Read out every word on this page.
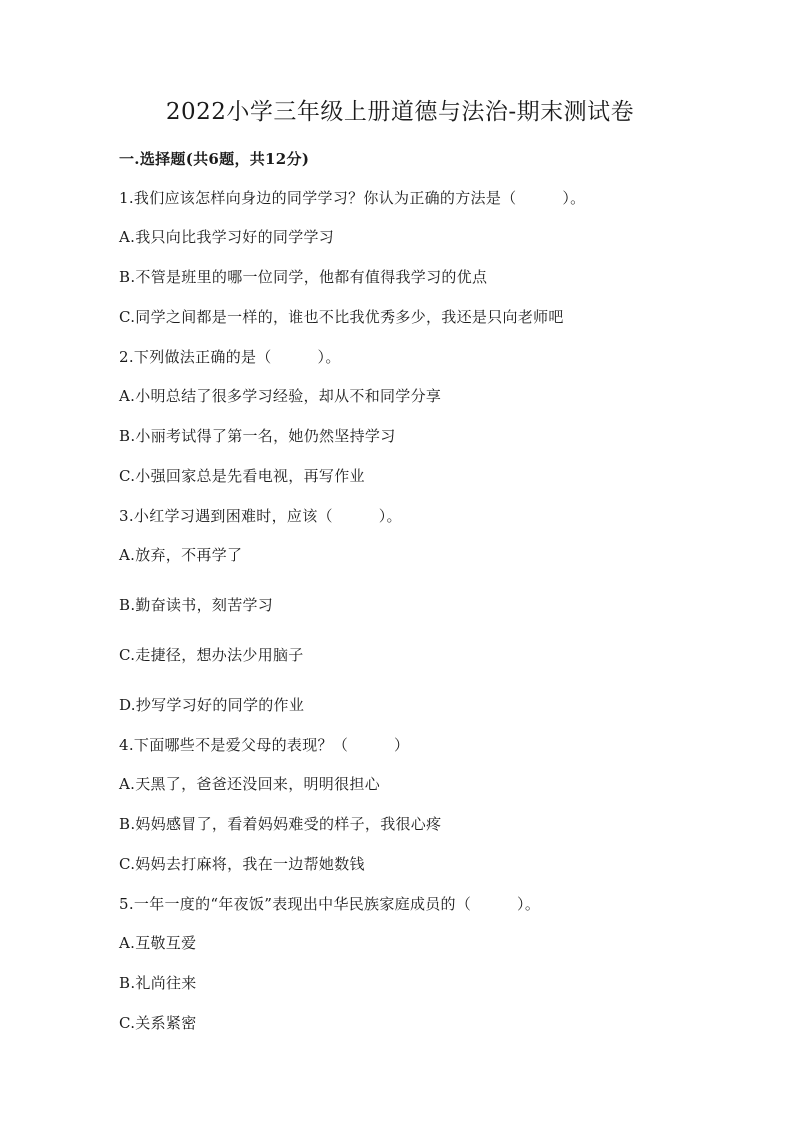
2022小学三年级上册道德与法治-期末测试卷
一.选择题(共6题，共12分)
1.我们应该怎样向身边的同学学习？你认为正确的方法是（　　　）。
A.我只向比我学习好的同学学习
B.不管是班里的哪一位同学，他都有值得我学习的优点
C.同学之间都是一样的，谁也不比我优秀多少，我还是只向老师吧
2.下列做法正确的是（　　　）。
A.小明总结了很多学习经验，却从不和同学分享
B.小丽考试得了第一名，她仍然坚持学习
C.小强回家总是先看电视，再写作业
3.小红学习遇到困难时，应该（　　　）。
A.放弃，不再学了
B.勤奋读书，刻苦学习
C.走捷径，想办法少用脑子
D.抄写学习好的同学的作业
4.下面哪些不是爱父母的表现？（　　　）
A.天黑了，爸爸还没回来，明明很担心
B.妈妈感冒了，看着妈妈难受的样子，我很心疼
C.妈妈去打麻将，我在一边帮她数钱
5.一年一度的“年夜饭”表现出中华民族家庭成员的（　　　）。
A.互敬互爱
B.礼尚往来
C.关系紧密
